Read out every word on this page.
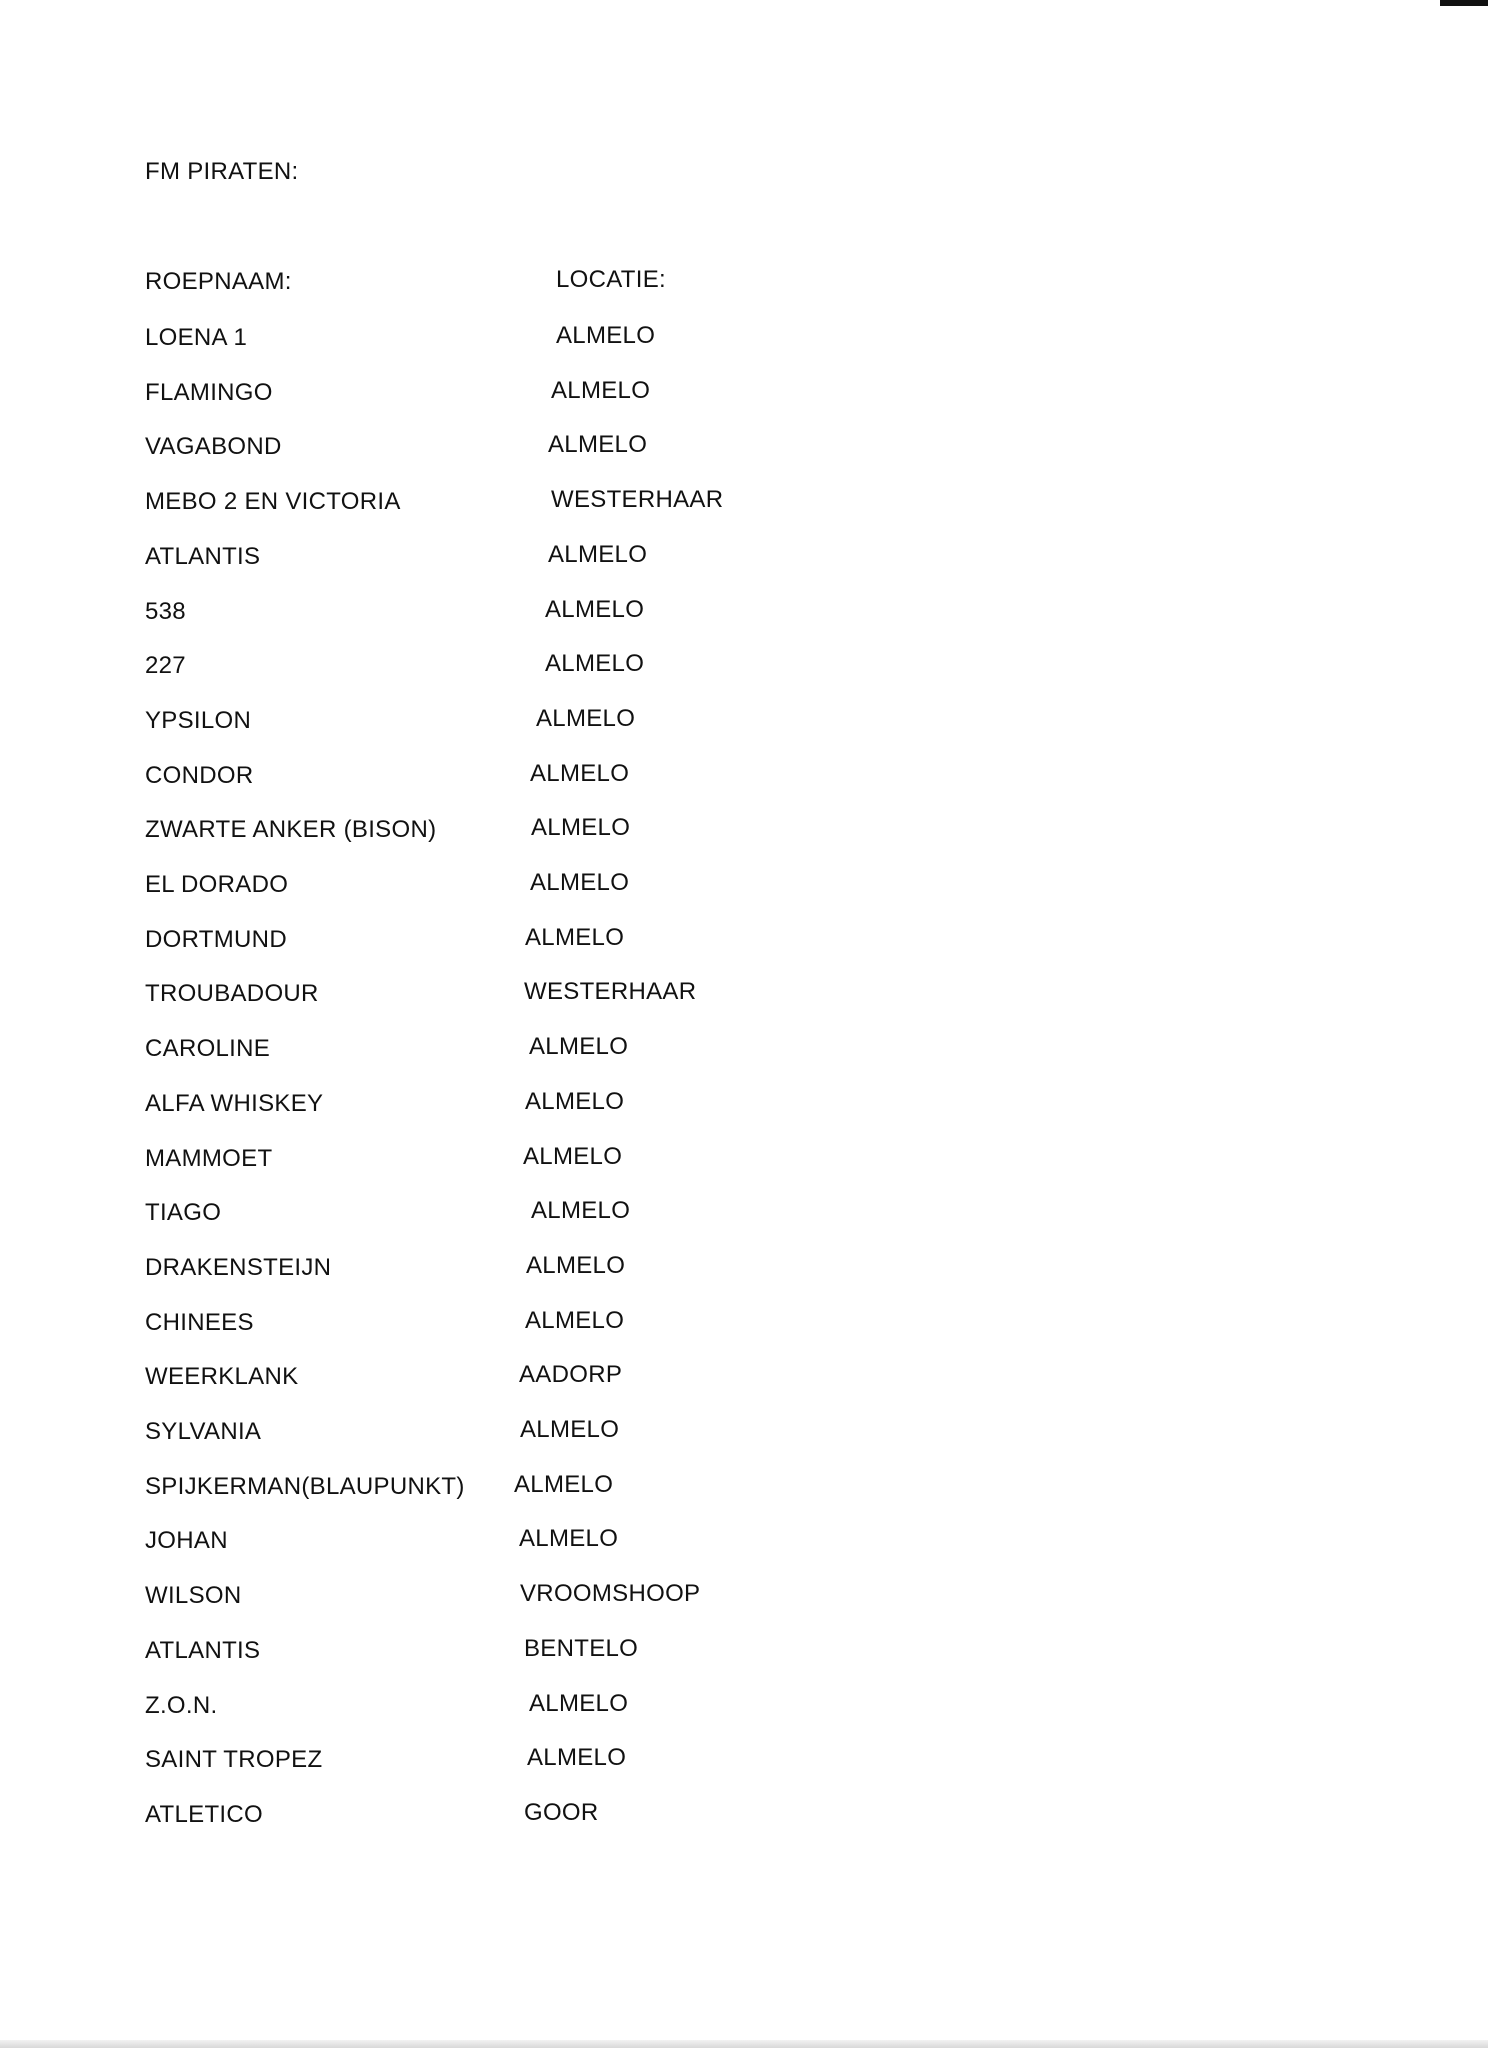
FM PIRATEN:
ROEPNAAM:	LOCATIE:
LOENA 1	ALMELO
FLAMINGO	ALMELO
VAGABOND	ALMELO
MEBO 2 EN VICTORIA	WESTERHAAR
ATLANTIS	ALMELO
538	ALMELO
227	ALMELO
YPSILON	ALMELO
CONDOR	ALMELO
ZWARTE ANKER (BISON)	ALMELO
EL DORADO	ALMELO
DORTMUND	ALMELO
TROUBADOUR	WESTERHAAR
CAROLINE	ALMELO
ALFA WHISKEY	ALMELO
MAMMOET	ALMELO
TIAGO	ALMELO
DRAKENSTEIJN	ALMELO
CHINEES	ALMELO
WEERKLANK	AADORP
SYLVANIA	ALMELO
SPIJKERMAN(BLAUPUNKT) ALMELO
JOHAN	ALMELO
WILSON	VROOMSHOOP
ATLANTIS	BENTELO
Z.O.N.	ALMELO
SAINT TROPEZ	ALMELO
ATLETICO	GOOR
